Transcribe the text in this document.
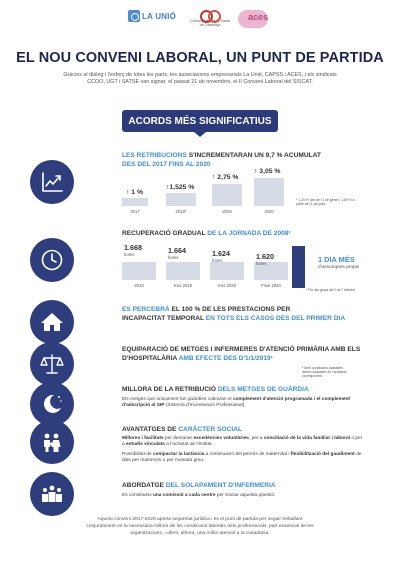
LA UNIÓ
Consorci de Salut i Social de Catalunya
aces
EL NOU CONVENI LABORAL, UN PUNT DE PARTIDA

Gràcies al diàleg i l'esforç de totes les parts, les associacions empresarials La Unió, CAPSS i ACES, i els sindicats CCOO, UGT i SATSE van signar, el passat 21 de novembre, el II Conveni Laboral del SISCAT.

ACORDS MÉS SIGNIFICATIUS
LES RETRIBUCIONS S'INCREMENTARAN UN 9,7 % ACUMULAT
DES DEL 2017 FINS AL 2020
↑ 1 %
↑1,525 %
↑ 2,75 %
↑ 3,05 %
2017	2018*	2019	2020
* 1,25 % des de l'1 de gener i 1,80 % a partir de l'1 de juliol.
RECUPERACIÓ GRADUAL DE LA JORNADA DE 2008*
1.668	1.664	1.624	1.620
hores
hores
hores
hores
2018	Inici 2019	Inici 2020	Final 2020
1 DIA MÉS
d'assumptes propis
* Per als grups del 2 al 7 d'àmbit.
ES PERCEBRÀ EL 100 % DE LES PRESTACIONS PER
INCAPACITAT TEMPORAL EN TOTS ELS CASOS DES DEL PRIMER DIA
EQUIPARACIÓ DE METGES I INFERMERES D'ATENCIÓ PRIMÀRIA AMB ELS
D'HOSPITALÀRIA AMB EFECTE DES D'1/1/2019*
* Amb condicions pactades desenvolupades en l'anotació corresponent.
MILLORA DE LA RETRIBUCIÓ DELS METGES DE GUÀRDIA

Els metges que únicament fan guàrdies cobraran el complement d'atenció programada i el complement d'adscripció al SIP (Sistema d'Incentivació Professional).

AVANTATGES DE CARÀCTER SOCIAL

Millores i facilitats per demanar excedències voluntàries, per a conciliació de la vida familiar i laboral o per a estudis vinculats a l'activitat de l'entitat.

Possibilitat de compactar la lactància a continuació del permís de maternitat i flexibilització del gaudiment de dies per matrimoni o per mesada greu.

ABORDATGE DEL SOLAPAMENT D'INFERMERIA

Es constitueix una comissió a cada centre per tractar aquesta qüestió.

Aquest conveni 2017-2020 aporta seguretat jurídica i és el punt de partida per seguir treballant conjuntament en la necessària millora de les condicions laborals dels professionals, part essencial de les organitzacions, i oferir, alhora, una millor atenció a la ciutadania.
